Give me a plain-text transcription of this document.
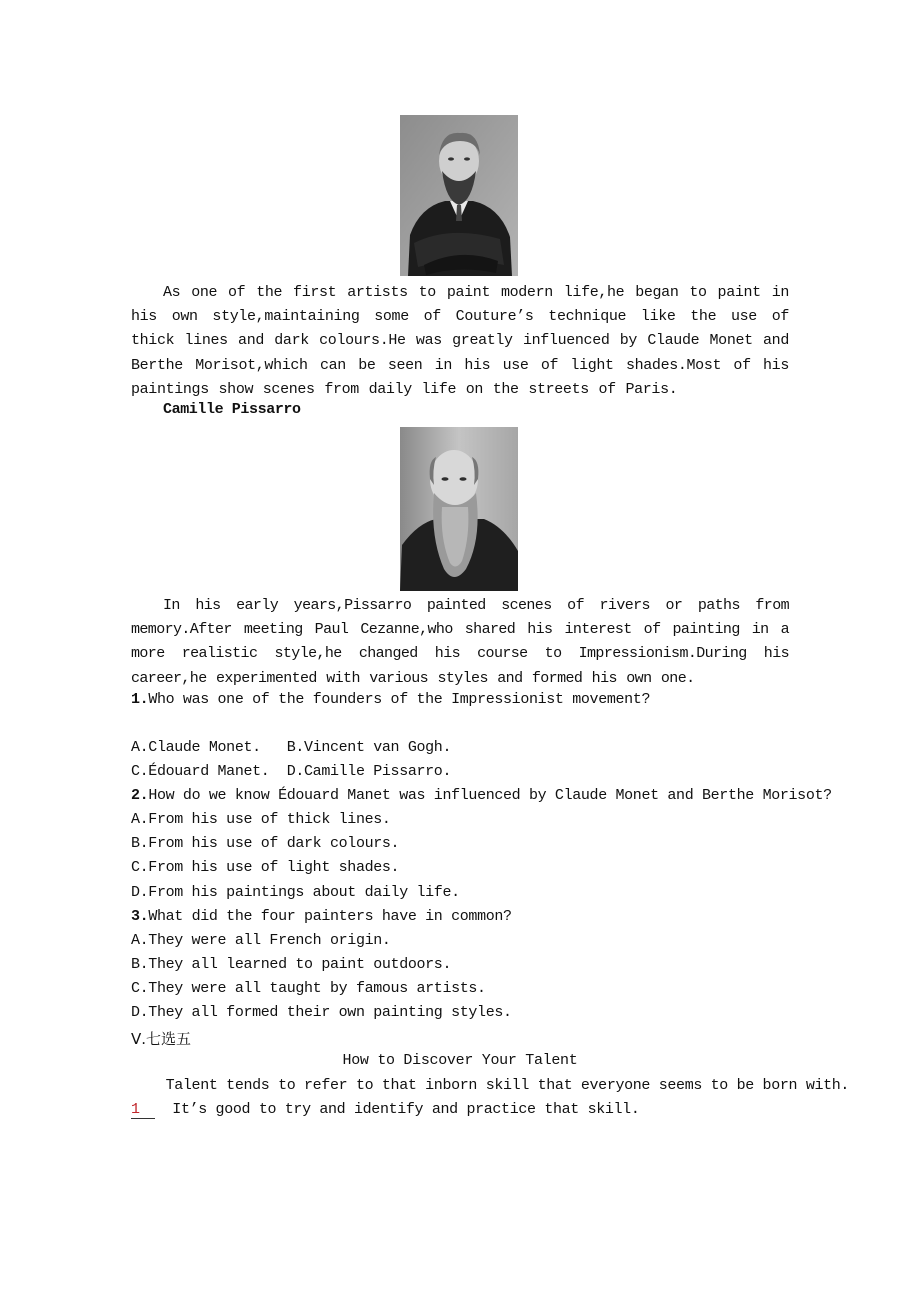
As one of the first artists to paint modern life,he began to paint in his own style,maintaining some of Couture’s technique like the use of thick lines and dark colours.He was greatly influenced by Claude Monet and Berthe Morisot,which can be seen in his use of light shades.Most of his paintings show scenes from daily life on the streets of Paris.

Camille Pissarro

In his early years,Pissarro painted scenes of rivers or paths from memory.After meeting Paul Cezanne,who shared his interest of painting in a more realistic style,he changed his course to Impressionism.During his career,he experimented with various styles and formed his own one.

1.Who was one of the founders of the Impressionist movement?

A.Claude Monet.   B.Vincent van Gogh.

C.Édouard Manet.  D.Camille Pissarro.

2.How do we know Édouard Manet was influenced by Claude Monet and Berthe Morisot?

A.From his use of thick lines.

B.From his use of dark colours.

C.From his use of light shades.

D.From his paintings about daily life.

3.What did the four painters have in common?

A.They were all French origin.

B.They all learned to paint outdoors.

C.They were all taught by famous artists.

D.They all formed their own painting styles.

Ⅴ.七选五

How to Discover Your Talent

Talent tends to refer to that inborn skill that everyone seems to be born with.

1  It’s good to try and identify and practice that skill.
